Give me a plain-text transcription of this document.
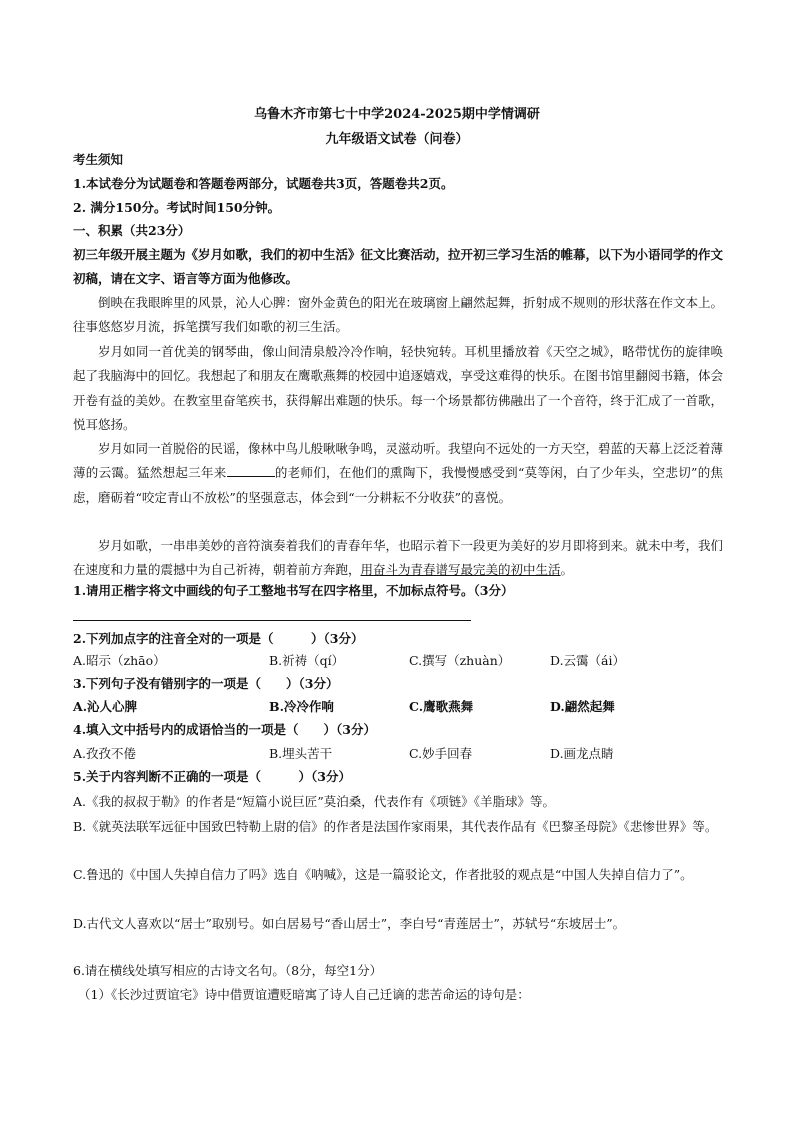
乌鲁木齐市第七十中学2024-2025期中学情调研
九年级语文试卷（问卷）
考生须知
1.本试卷分为试题卷和答题卷两部分，试题卷共3页，答题卷共2页。
2. 满分150分。考试时间150分钟。
一、积累（共23分）
初三年级开展主题为《岁月如歌，我们的初中生活》征文比赛活动，拉开初三学习生活的帷幕，以下为小语同学的作文初稿，请在文字、语言等方面为他修改。
倒映在我眼眸里的风景，沁人心脾：窗外金黄色的阳光在玻璃窗上翩然起舞，折射成不规则的形状落在作文本上。往事悠悠岁月流，拆笔撰写我们如歌的初三生活。
岁月如同一首优美的钢琴曲，像山间清泉般冷冷作响，轻快宛转。耳机里播放着《天空之城》，略带忧伤的旋律唤起了我脑海中的回忆。我想起了和朋友在鹰歌燕舞的校园中追逐嬉戏，享受这难得的快乐。在图书馆里翻阅书籍，体会开卷有益的美妙。在教室里奋笔疾书，获得解出难题的快乐。每一个场景都彷佛融出了一个音符，终于汇成了一首歌，悦耳悠扬。
岁月如同一首脱俗的民谣，像林中鸟儿般啾啾争鸣，灵滋动听。我望向不远处的一方天空，碧蓝的天幕上泛泛着薄薄的云霭。猛然想起三年来	的老师们，在他们的熏陶下，我慢慢感受到“莫等闲，白了少年头，空悲切”的焦虑，磨砺着“咬定青山不放松”的坚强意志，体会到“一分耕耘不分收获”的喜悦。
岁月如歌，一串串美妙的音符演奏着我们的青春年华，也昭示着下一段更为美好的岁月即将到来。就未中考，我们在速度和力量的震撼中为自己祈祷，朝着前方奔跑，用奋斗为青春谱写最完美的初中生活。
1.请用正楷字将文中画线的句子工整地书写在四字格里，不加标点符号。（3分）
2.下列加点字的注音全对的一项是（　　　）（3分）
A.昭示（zhāo）	B.祈祷（qí）	C.撰写（zhuàn）	D.云霭（ái）
3.下列句子没有错别字的一项是（　　）（3分）
A.沁人心脾	B.冷冷作响	C.鹰歌燕舞	D.翩然起舞
4.填入文中括号内的成语恰当的一项是（　　）（3分）
A.孜孜不倦	B.埋头苦干	C.妙手回春	D.画龙点睛
5.关于内容判断不正确的一项是（　　　）（3分）
A.《我的叔叔于勒》的作者是“短篇小说巨匠”莫泊桑，代表作有《项链》《羊脂球》等。
B.《就英法联军远征中国致巴特勒上尉的信》的作者是法国作家雨果，其代表作品有《巴黎圣母院》《悲惨世界》等。
C.鲁迅的《中国人失掉自信力了吗》选自《呐喊》，这是一篇驳论文，作者批驳的观点是“中国人失掉自信力了”。
D.古代文人喜欢以“居士”取别号。如白居易号“香山居士”，李白号“青莲居士”，苏轼号“东坡居士”。
6.请在横线处填写相应的古诗文名句。（8分，每空1分）
（1）《长沙过贾谊宅》诗中借贾谊遭贬暗寓了诗人自己迁谪的悲苦命运的诗句是：
